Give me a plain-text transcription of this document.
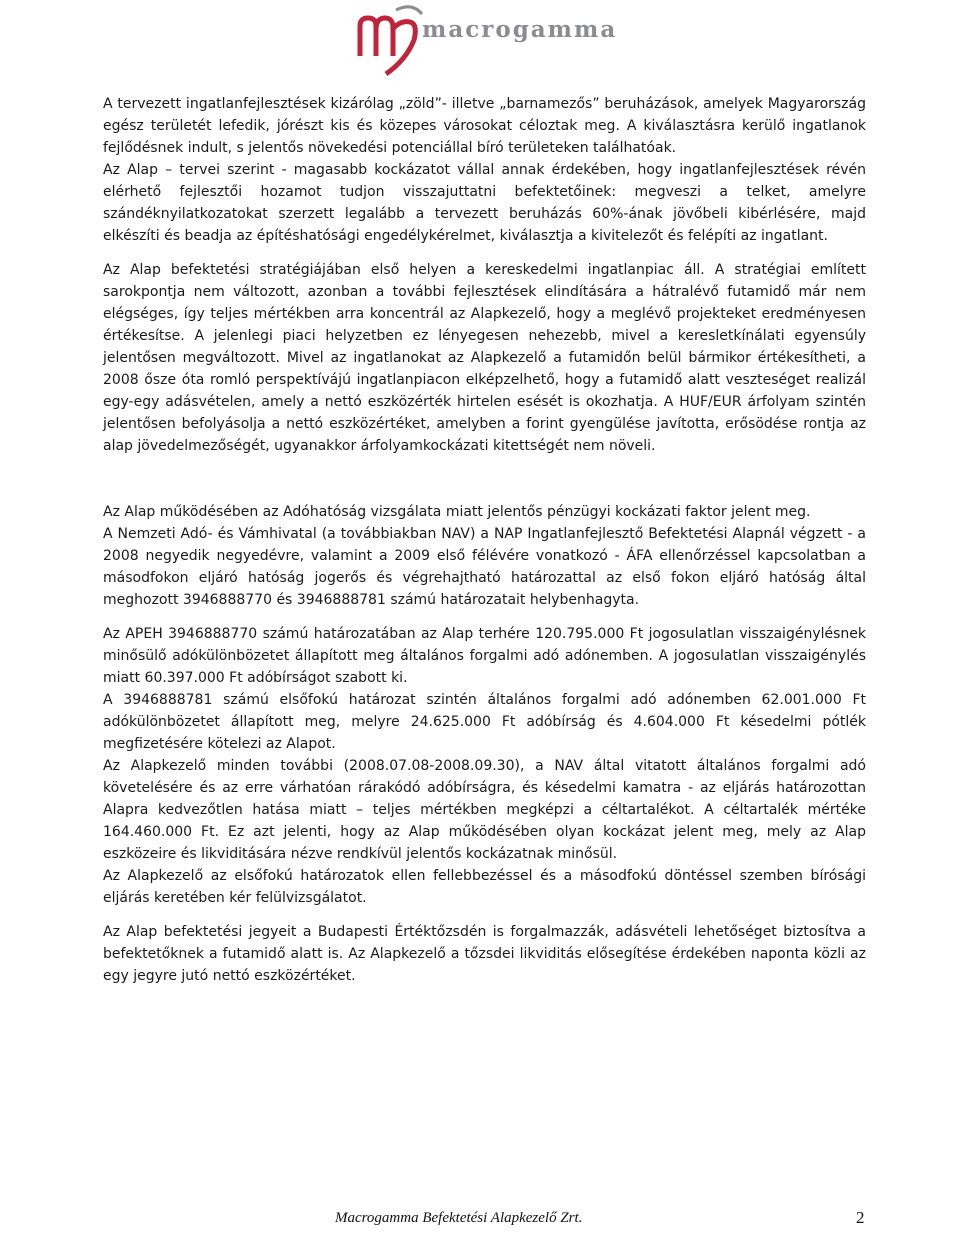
macrogamma

A tervezett ingatlanfejlesztések kizárólag „zöld”- illetve „barnamezős” beruházások, amelyek Magyarország egész területét lefedik, jórészt kis és közepes városokat céloztak meg. A kiválasztásra kerülő ingatlanok fejlődésnek indult, s jelentős növekedési potenciállal bíró területeken találhatóak.

Az Alap – tervei szerint - magasabb kockázatot vállal annak érdekében, hogy ingatlanfejlesztések révén elérhető fejlesztői hozamot tudjon visszajuttatni befektetőinek: megveszi a telket, amelyre szándéknyilatkozatokat szerzett legalább a tervezett beruházás 60%-ának jövőbeli kibérlésére, majd elkészíti és beadja az építéshatósági engedélykérelmet, kiválasztja a kivitelezőt és felépíti az ingatlant.

Az Alap befektetési stratégiájában első helyen a kereskedelmi ingatlanpiac áll. A stratégiai említett sarokpontja nem változott, azonban a további fejlesztések elindítására a hátralévő futamidő már nem elégséges, így teljes mértékben arra koncentrál az Alapkezelő, hogy a meglévő projekteket eredményesen értékesítse. A jelenlegi piaci helyzetben ez lényegesen nehezebb, mivel a keresletkínálati egyensúly jelentősen megváltozott. Mivel az ingatlanokat az Alapkezelő a futamidőn belül bármikor értékesítheti, a 2008 ősze óta romló perspektívájú ingatlanpiacon elképzelhető, hogy a futamidő alatt veszteséget realizál egy-egy adásvételen, amely a nettó eszközérték hirtelen esését is okozhatja. A HUF/EUR árfolyam szintén jelentősen befolyásolja a nettó eszközértéket, amelyben a forint gyengülése javította, erősödése rontja az alap jövedelmezőségét, ugyanakkor árfolyamkockázati kitettségét nem növeli.

Az Alap működésében az Adóhatóság vizsgálata miatt jelentős pénzügyi kockázati faktor jelent meg.

A Nemzeti Adó- és Vámhivatal (a továbbiakban NAV) a NAP Ingatlanfejlesztő Befektetési Alapnál végzett - a 2008 negyedik negyedévre, valamint a 2009 első félévére vonatkozó - ÁFA ellenőrzéssel kapcsolatban a másodfokon eljáró hatóság jogerős és végrehajtható határozattal az első fokon eljáró hatóság által meghozott 3946888770 és 3946888781 számú határozatait helybenhagyta.

Az APEH 3946888770 számú határozatában az Alap terhére 120.795.000 Ft jogosulatlan visszaigénylésnek minősülő adókülönbözetet állapított meg általános forgalmi adó adónemben. A jogosulatlan visszaigénylés miatt 60.397.000 Ft adóbírságot szabott ki.

A 3946888781 számú elsőfokú határozat szintén általános forgalmi adó adónemben 62.001.000 Ft adókülönbözetet állapított meg, melyre 24.625.000 Ft adóbírság és 4.604.000 Ft késedelmi pótlék megfizetésére kötelezi az Alapot.

Az Alapkezelő minden további (2008.07.08-2008.09.30), a NAV által vitatott általános forgalmi adó követelésére és az erre várhatóan rárakódó adóbírságra, és késedelmi kamatra - az eljárás határozottan Alapra kedvezőtlen hatása miatt – teljes mértékben megképzi a céltartalékot. A céltartalék mértéke 164.460.000 Ft. Ez azt jelenti, hogy az Alap működésében olyan kockázat jelent meg, mely az Alap eszközeire és likviditására nézve rendkívül jelentős kockázatnak minősül.

Az Alapkezelő az elsőfokú határozatok ellen fellebbezéssel és a másodfokú döntéssel szemben bírósági eljárás keretében kér felülvizsgálatot.

Az Alap befektetési jegyeit a Budapesti Értéktőzsdén is forgalmazzák, adásvételi lehetőséget biztosítva a befektetőknek a futamidő alatt is. Az Alapkezelő a tőzsdei likviditás elősegítése érdekében naponta közli az egy jegyre jutó nettó eszközértéket.

Macrogamma Befektetési Alapkezelő Zrt.	2
